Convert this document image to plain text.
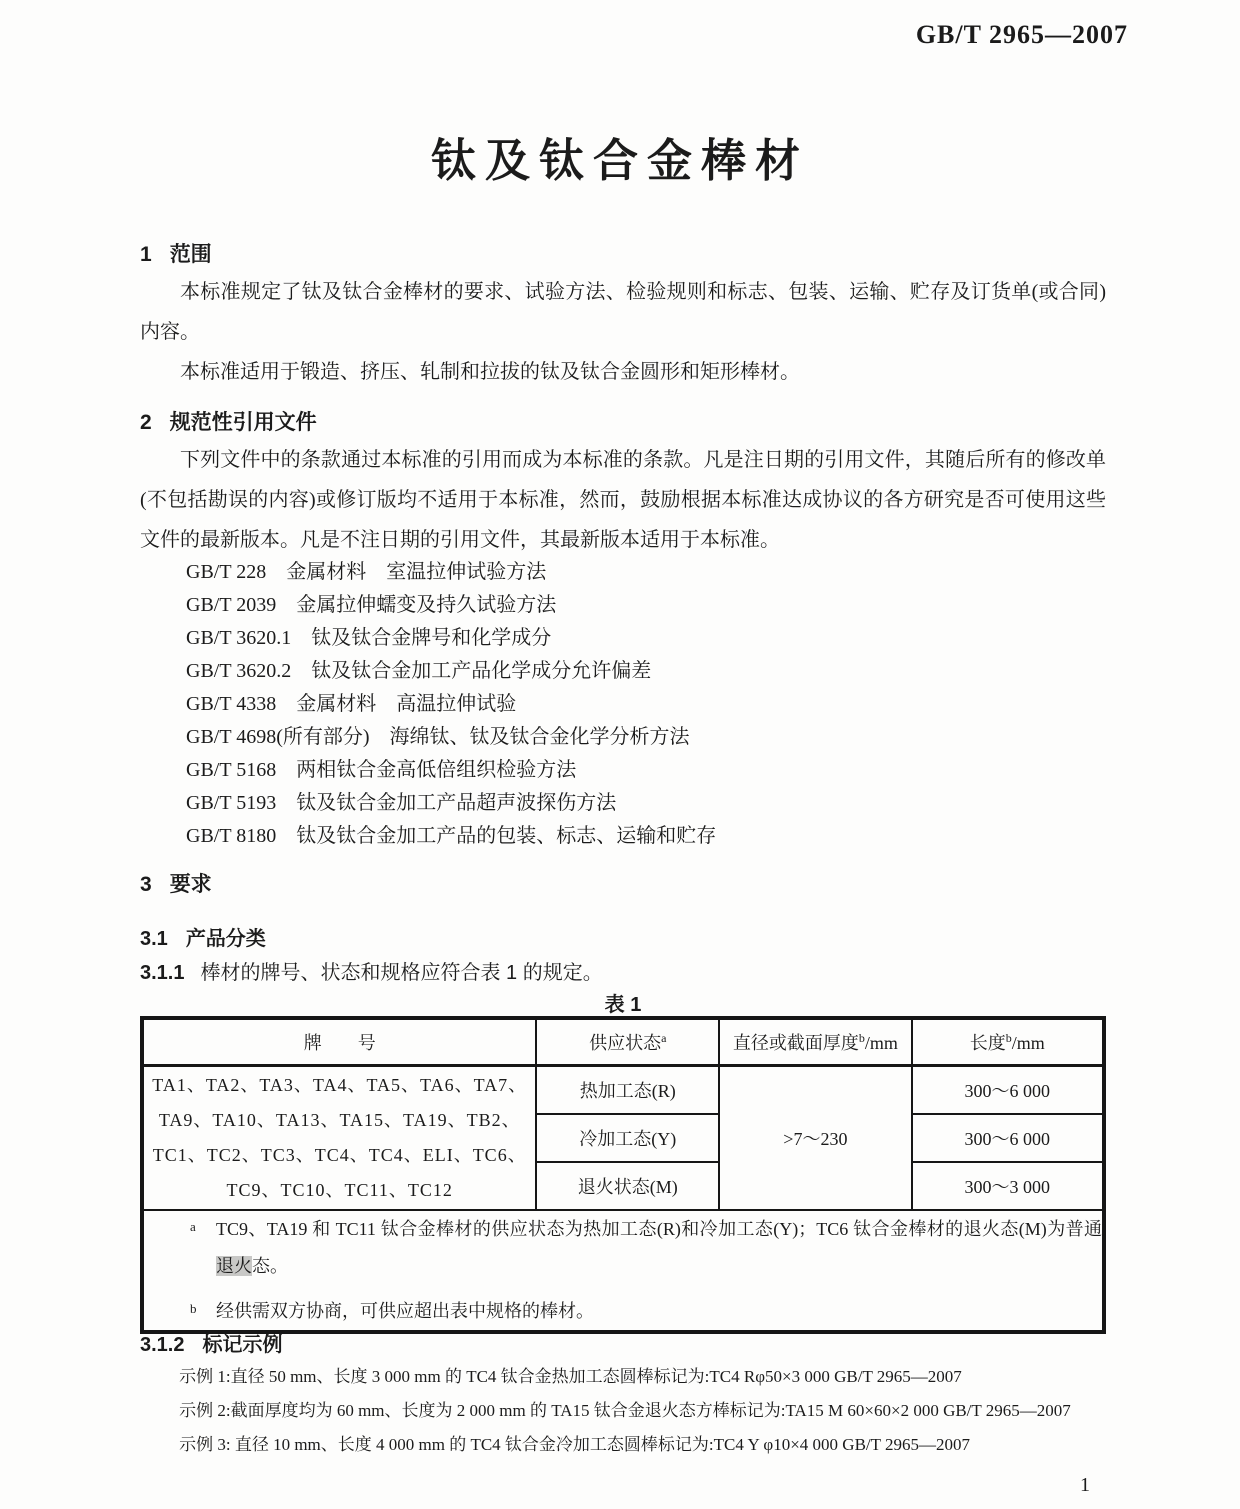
GB/T 2965—2007
钛及钛合金棒材
1 范围

本标准规定了钛及钛合金棒材的要求、试验方法、检验规则和标志、包装、运输、贮存及订货单(或合同)内容。

本标准适用于锻造、挤压、轧制和拉拔的钛及钛合金圆形和矩形棒材。

2 规范性引用文件

下列文件中的条款通过本标准的引用而成为本标准的条款。凡是注日期的引用文件，其随后所有的修改单(不包括勘误的内容)或修订版均不适用于本标准，然而，鼓励根据本标准达成协议的各方研究是否可使用这些文件的最新版本。凡是不注日期的引用文件，其最新版本适用于本标准。

GB/T 228　金属材料　室温拉伸试验方法
GB/T 2039　金属拉伸蠕变及持久试验方法
GB/T 3620.1　钛及钛合金牌号和化学成分
GB/T 3620.2　钛及钛合金加工产品化学成分允许偏差
GB/T 4338　金属材料　高温拉伸试验
GB/T 4698(所有部分)　海绵钛、钛及钛合金化学分析方法
GB/T 5168　两相钛合金高低倍组织检验方法
GB/T 5193　钛及钛合金加工产品超声波探伤方法
GB/T 8180　钛及钛合金加工产品的包装、标志、运输和贮存
3 要求
3.1 产品分类
3.1.1 棒材的牌号、状态和规格应符合表 1 的规定。
表 1
牌　　号	供应状态$^a$	直径或截面厚度$^b$/mm	长度$^b$/mm
TA1、TA2、TA3、TA4、TA5、TA6、TA7、TA9、TA10、TA13、TA15、TA19、TB2、TC1、TC2、TC3、TC4、TC4、ELI、TC6、TC9、TC10、TC11、TC12	热加工态(R)	>7～230	300～6 000
	冷加工态(Y)		300～6 000
	退火状态(M)		300～3 000

a TC9、TA19 和 TC11 钛合金棒材的供应状态为热加工态(R)和冷加工态(Y)；TC6 钛合金棒材的退火态(M)为普通退火态。
b 经供需双方协商，可供应超出表中规格的棒材。			
3.1.2 标记示例

示例 1:直径 50 mm、长度 3 000 mm 的 TC4 钛合金热加工态圆棒标记为:TC4 Rφ50×3 000 GB/T 2965—2007

示例 2:截面厚度均为 60 mm、长度为 2 000 mm 的 TA15 钛合金退火态方棒标记为:TA15 M 60×60×2 000 GB/T 2965—2007

示例 3: 直径 10 mm、长度 4 000 mm 的 TC4 钛合金冷加工态圆棒标记为:TC4 Y φ10×4 000 GB/T 2965—2007

1
